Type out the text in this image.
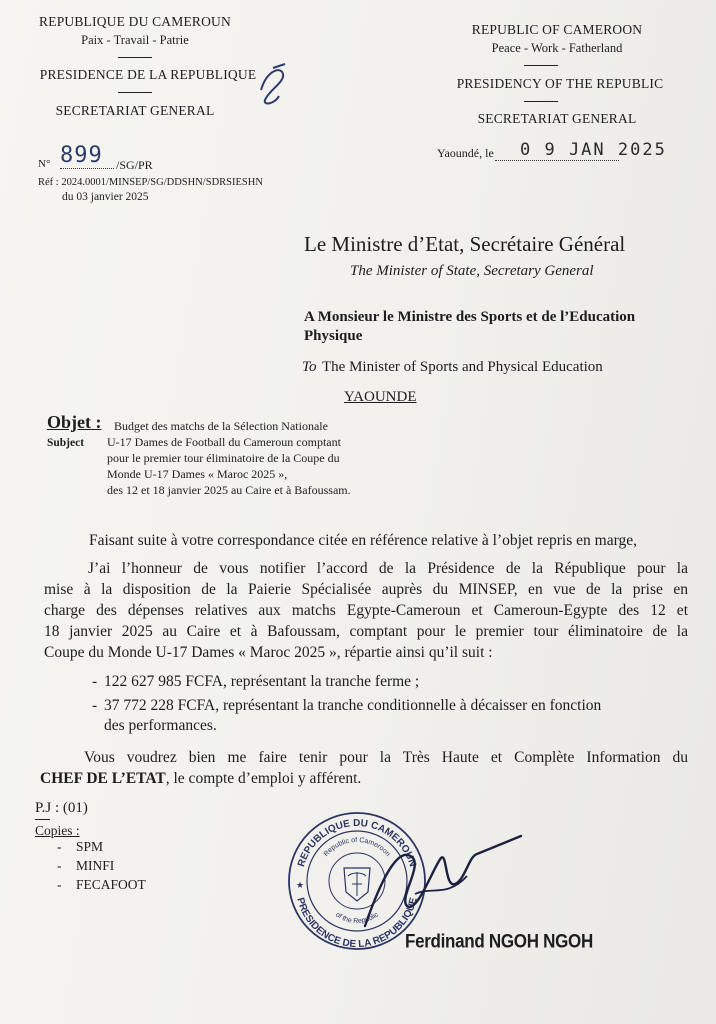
REPUBLIQUE DU CAMEROUN
Paix - Travail - Patrie
PRESIDENCE DE LA REPUBLIQUE
SECRETARIAT GENERAL
REPUBLIC OF CAMEROON
Peace - Work - Fatherland
PRESIDENCY OF THE REPUBLIC
SECRETARIAT GENERAL
N° 899 /SG/PR
Réf : 2024.0001/MINSEP/SG/DDSHN/SDRSIESHN
du 03 janvier 2025
Yaoundé, le 0 9 JAN 2025
Le Ministre d’Etat, Secrétaire Général
The Minister of State, Secretary General
A Monsieur le Ministre des Sports et de l’Education
Physique
To The Minister of Sports and Physical Education
YAOUNDE
Objet :
Subject
Budget des matchs de la Sélection Nationale
U-17 Dames de Football du Cameroun comptant
pour le premier tour éliminatoire de la Coupe du
Monde U-17 Dames « Maroc 2025 »,
des 12 et 18 janvier 2025 au Caire et à Bafoussam.
Faisant suite à votre correspondance citée en référence relative à l’objet repris en marge,
J’ai l’honneur de vous notifier l’accord de la Présidence de la République pour la
mise à la disposition de la Paierie Spécialisée auprès du MINSEP, en vue de la prise en
charge des dépenses relatives aux matchs Egypte-Cameroun et Cameroun-Egypte des 12 et
18 janvier 2025 au Caire et à Bafoussam, comptant pour le premier tour éliminatoire de la
Coupe du Monde U-17 Dames « Maroc 2025 », répartie ainsi qu’il suit :
- 122 627 985 FCFA, représentant la tranche ferme ;
- 37 772 228 FCFA, représentant la tranche conditionnelle à décaisser en fonction
des performances.
Vous voudrez bien me faire tenir pour la Très Haute et Complète Information du
CHEF DE L’ETAT, le compte d’emploi y afférent.
P.J : (01)
Copies :
- SPM
- MINFI
- FECAFOOT
REPUBLIQUE DU CAMEROUN
PRESIDENCE DE LA REPUBLIQUE
Republic of Cameroon
of the Republic
★
Ferdinand NGOH NGOH
